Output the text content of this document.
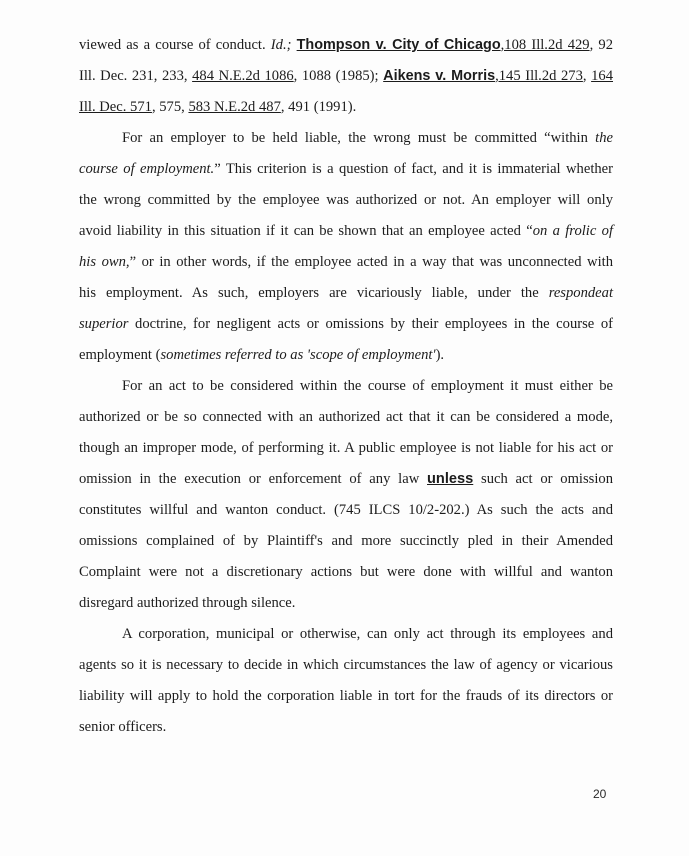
viewed as a course of conduct. Id.; Thompson v. City of Chicago,108 Ill.2d 429, 92
Ill. Dec. 231, 233, 484 N.E.2d 1086, 1088 (1985); Aikens v. Morris,145 Ill.2d 273, 164
Ill. Dec. 571, 575, 583 N.E.2d 487, 491 (1991).
For an employer to be held liable, the wrong must be committed “within the
course of employment.” This criterion is a question of fact, and it is immaterial whether
the wrong committed by the employee was authorized or not. An employer will only
avoid liability in this situation if it can be shown that an employee acted “on a frolic of
his own,” or in other words, if the employee acted in a way that was unconnected with
his employment. As such, employers are vicariously liable, under the respondeat
superior doctrine, for negligent acts or omissions by their employees in the course of
employment (sometimes referred to as 'scope of employment').
For an act to be considered within the course of employment it must either be
authorized or be so connected with an authorized act that it can be considered a mode,
though an improper mode, of performing it. A public employee is not liable for his act or
omission in the execution or enforcement of any law unless such act or omission
constitutes willful and wanton conduct. (745 ILCS 10/2-202.) As such the acts and
omissions complained of by Plaintiff's and more succinctly pled in their Amended
Complaint were not a discretionary actions but were done with willful and wanton
disregard authorized through silence.
A corporation, municipal or otherwise, can only act through its employees and
agents so it is necessary to decide in which circumstances the law of agency or vicarious
liability will apply to hold the corporation liable in tort for the frauds of its directors or
senior officers.
20
